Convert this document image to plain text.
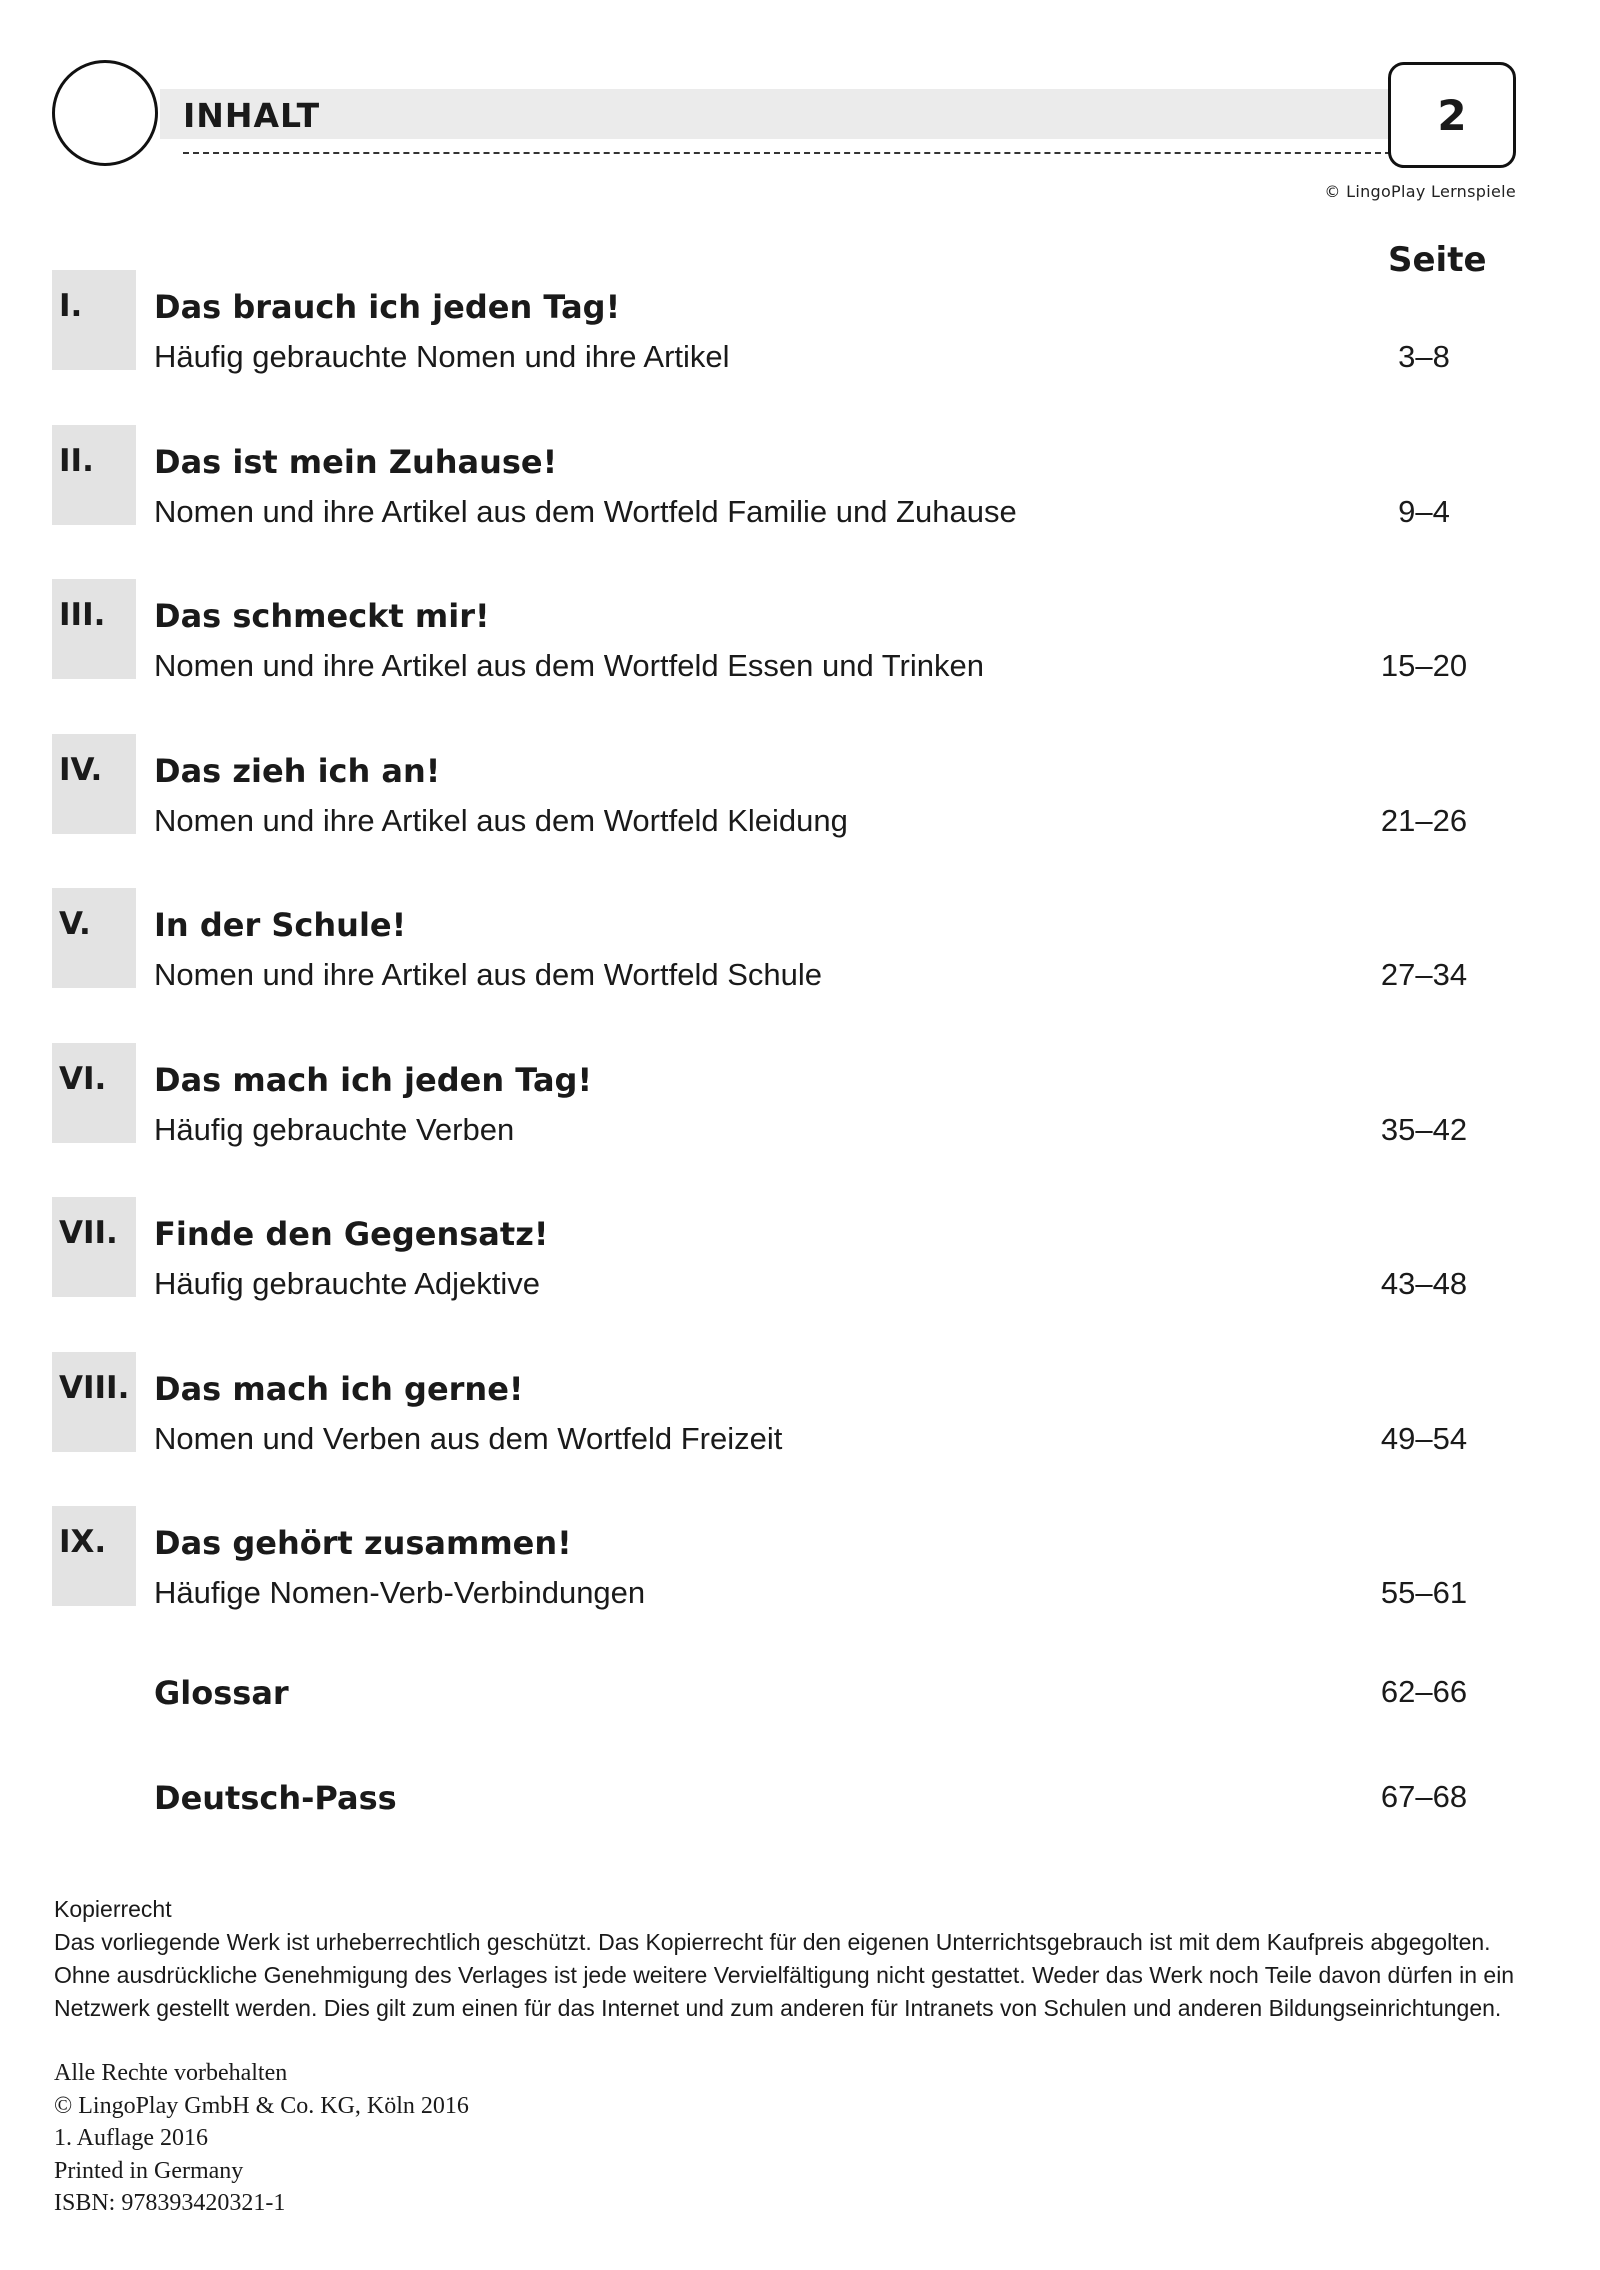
INHALT	2
© LingoPlay Lernspiele
Seite
I. Das brauch ich jeden Tag!
Häufig gebrauchte Nomen und ihre Artikel	3–8
II. Das ist mein Zuhause!
Nomen und ihre Artikel aus dem Wortfeld Familie und Zuhause	9–4
III. Das schmeckt mir!
Nomen und ihre Artikel aus dem Wortfeld Essen und Trinken	15–20
IV. Das zieh ich an!
Nomen und ihre Artikel aus dem Wortfeld Kleidung	21–26
V. In der Schule!
Nomen und ihre Artikel aus dem Wortfeld Schule	27–34
VI. Das mach ich jeden Tag!
Häufig gebrauchte Verben	35–42
VII. Finde den Gegensatz!
Häufig gebrauchte Adjektive	43–48
VIII. Das mach ich gerne!
Nomen und Verben aus dem Wortfeld Freizeit	49–54
IX. Das gehört zusammen!
Häufige Nomen-Verb-Verbindungen	55–61
Glossar	62–66
Deutsch-Pass	67–68

Kopierrecht

Das vorliegende Werk ist urheberrechtlich geschützt. Das Kopierrecht für den eigenen Unterrichtsgebrauch ist mit dem Kaufpreis abgegolten.

Ohne ausdrückliche Genehmigung des Verlages ist jede weitere Vervielfältigung nicht gestattet. Weder das Werk noch Teile davon dürfen in ein

Netzwerk gestellt werden. Dies gilt zum einen für das Internet und zum anderen für Intranets von Schulen und anderen Bildungseinrichtungen.

Alle Rechte vorbehalten

© LingoPlay GmbH & Co. KG, Köln 2016

1. Auflage 2016

Printed in Germany

ISBN: 978393420321-1
